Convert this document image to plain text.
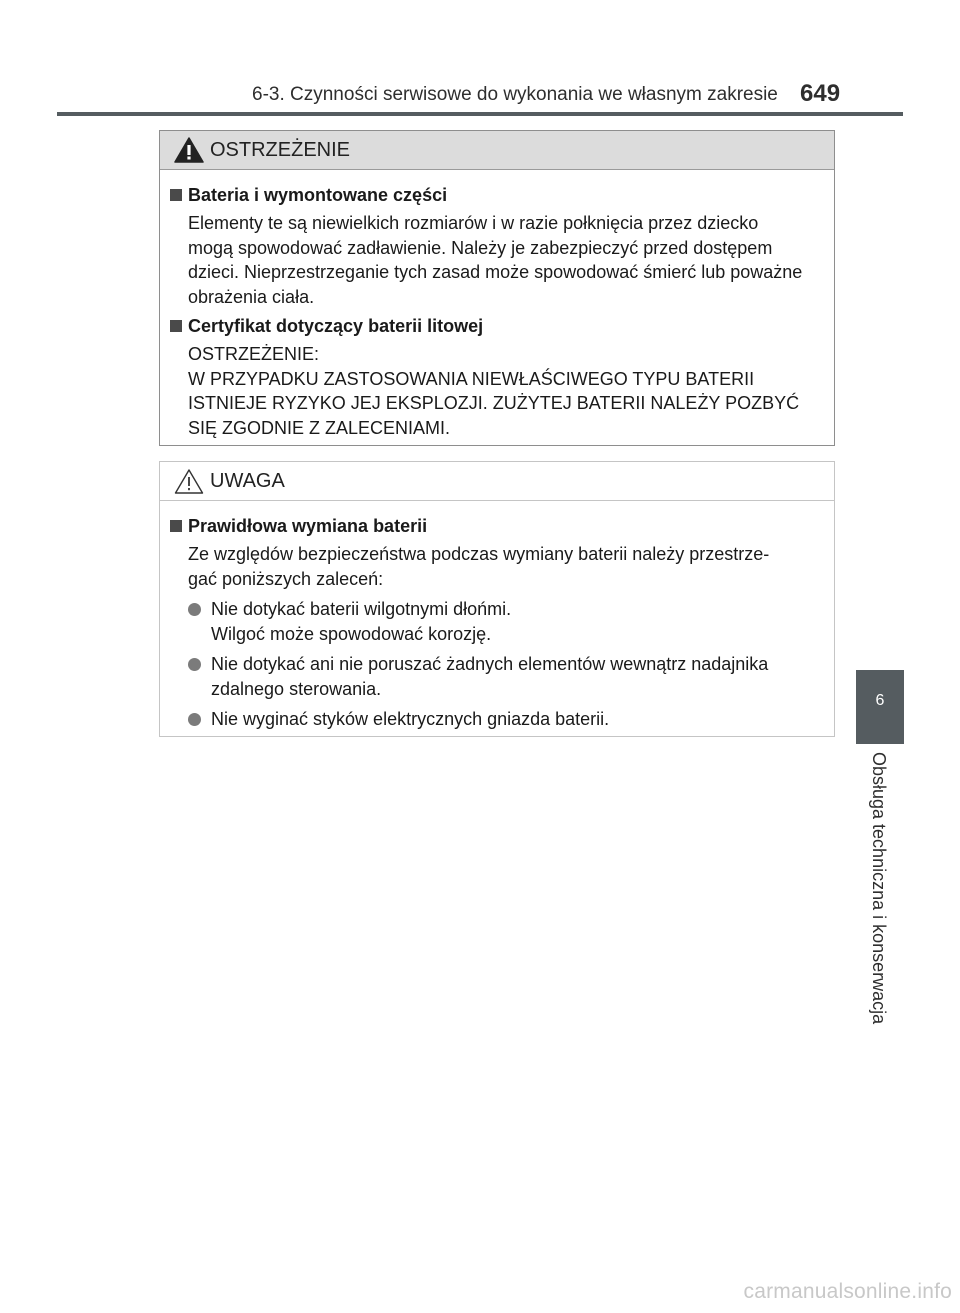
6-3. Czynności serwisowe do wykonania we własnym zakresie 649
OSTRZEŻENIE
Bateria i wymontowane części
Elementy te są niewielkich rozmiarów i w razie połknięcia przez dziecko
mogą spowodować zadławienie. Należy je zabezpieczyć przed dostępem
dzieci. Nieprzestrzeganie tych zasad może spowodować śmierć lub poważne
obrażenia ciała.
Certyfikat dotyczący baterii litowej
OSTRZEŻENIE:
W PRZYPADKU ZASTOSOWANIA NIEWŁAŚCIWEGO TYPU BATERII
ISTNIEJE RYZYKO JEJ EKSPLOZJI. ZUŻYTEJ BATERII NALEŻY POZBYĆ
SIĘ ZGODNIE Z ZALECENIAMI.
UWAGA
Prawidłowa wymiana baterii
Ze względów bezpieczeństwa podczas wymiany baterii należy przestrze-
gać poniższych zaleceń:
Nie dotykać baterii wilgotnymi dłońmi.
Wilgoć może spowodować korozję.
Nie dotykać ani nie poruszać żadnych elementów wewnątrz nadajnika
zdalnego sterowania.
Nie wyginać styków elektrycznych gniazda baterii.
6
Obsługa techniczna i konserwacja
carmanualsonline.info
